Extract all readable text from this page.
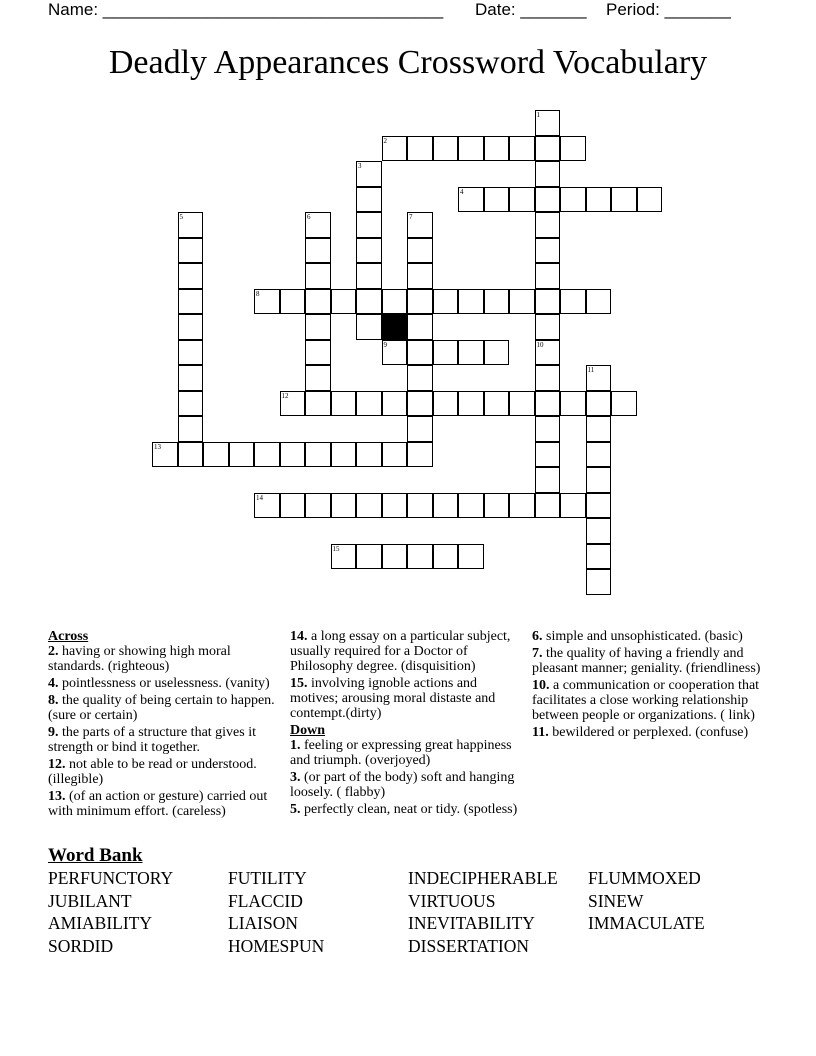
Name: ____________________________________ Date: _______ Period: _______
Deadly Appearances Crossword Vocabulary
1
2
3
4
5	6	7
8
9	10
11
12
13
14
15
Across
2. having or showing high moral standards. (righteous)
4. pointlessness or uselessness. (vanity)
8. the quality of being certain to happen. (sure or certain)
9. the parts of a structure that gives it strength or bind it together.
12. not able to be read or understood. (illegible)
13. (of an action or gesture) carried out with minimum effort. (careless)
14. a long essay on a particular subject, usually required for a Doctor of Philosophy degree. (disquisition)
15. involving ignoble actions and motives; arousing moral distaste and contempt.(dirty)
Down
1. feeling or expressing great happiness and triumph. (overjoyed)
3. (or part of the body) soft and hanging loosely. ( flabby)
5. perfectly clean, neat or tidy. (spotless)
6. simple and unsophisticated. (basic)
7. the quality of having a friendly and pleasant manner; geniality. (friendliness)
10. a communication or cooperation that facilitates a close working relationship between people or organizations. ( link)
11. bewildered or perplexed. (confuse)
Word Bank
PERFUNCTORY	FUTILITY	INDECIPHERABLE FLUMMOXED
JUBILANT	FLACCID	VIRTUOUS	SINEW
AMIABILITY	LIAISON	INEVITABILITY	IMMACULATE
SORDID	HOMESPUN	DISSERTATION
